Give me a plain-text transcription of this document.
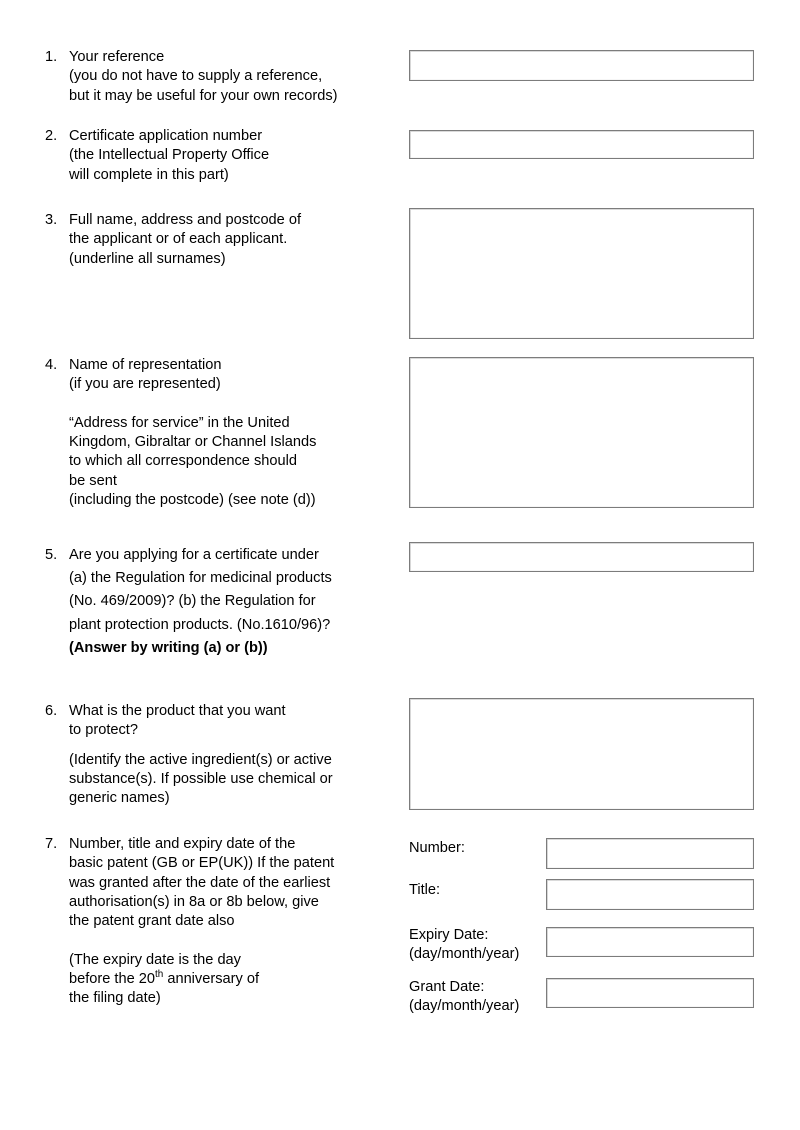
1. Your reference
(you do not have to supply a reference,
but it may be useful for your own records)
2. Certificate application number
(the Intellectual Property Office
will complete in this part)
3. Full name, address and postcode of
the applicant or of each applicant.
(underline all surnames)
4. Name of representation
(if you are represented)
“Address for service” in the United
Kingdom, Gibraltar or Channel Islands
to which all correspondence should
be sent
(including the postcode) (see note (d))
5. Are you applying for a certificate under
(a) the Regulation for medicinal products
(No. 469/2009)? (b) the Regulation for
plant protection products. (No.1610/96)?
(Answer by writing (a) or (b))
6. What is the product that you want
to protect?
(Identify the active ingredient(s) or active
substance(s). If possible use chemical or
generic names)
7. Number, title and expiry date of the
basic patent (GB or EP(UK)) If the patent
was granted after the date of the earliest
authorisation(s) in 8a or 8b below, give
the patent grant date also
(The expiry date is the day
before the 20th anniversary of
the filing date)
Number:
Title:
Expiry Date:
(day/month/year)
Grant Date:
(day/month/year)
